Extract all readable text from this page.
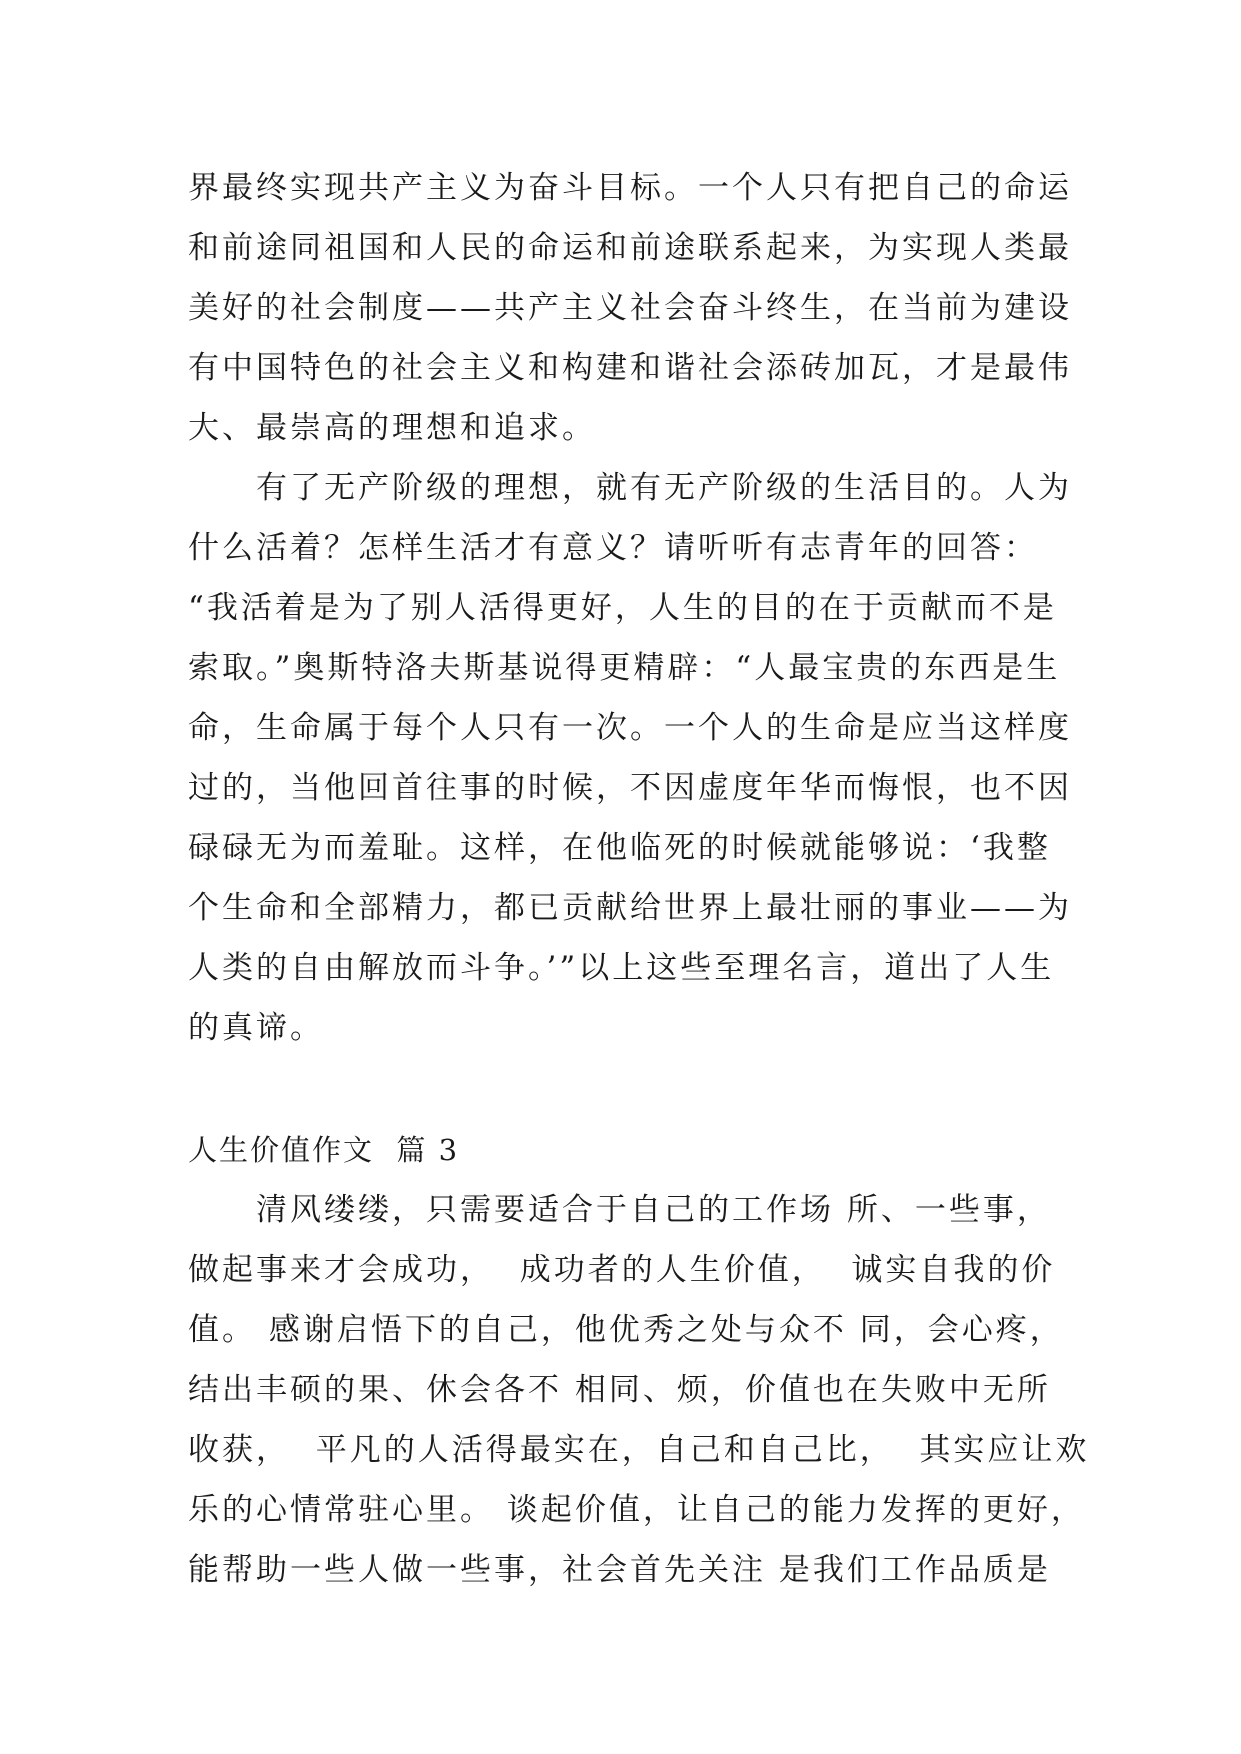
界最终实现共产主义为奋斗目标。一个人只有把自己的命运
和前途同祖国和人民的命运和前途联系起来，为实现人类最
美好的社会制度——共产主义社会奋斗终生，在当前为建设
有中国特色的社会主义和构建和谐社会添砖加瓦，才是最伟
大、最崇高的理想和追求。
　　有了无产阶级的理想，就有无产阶级的生活目的。人为
什么活着？怎样生活才有意义？请听听有志青年的回答：
“我活着是为了别人活得更好，人生的目的在于贡献而不是
索取。”奥斯特洛夫斯基说得更精辟：“人最宝贵的东西是生
命，生命属于每个人只有一次。一个人的生命是应当这样度
过的，当他回首往事的时候，不因虚度年华而悔恨，也不因
碌碌无为而羞耻。这样，在他临死的时候就能够说：‘我整
个生命和全部精力，都已贡献给世界上最壮丽的事业——为
人类的自由解放而斗争。’”以上这些至理名言，道出了人生
的真谛。
人生价值作文  篇 3
　　清风缕缕，只需要适合于自己的工作场 所、一些事，
做起事来才会成功，  成功者的人生价值，  诚实自我的价
值。 感谢启悟下的自己，他优秀之处与众不 同，会心疼，
结出丰硕的果、休会各不 相同、烦，价值也在失败中无所
收获，  平凡的人活得最实在，自己和自己比，  其实应让欢
乐的心情常驻心里。 谈起价值，让自己的能力发挥的更好，
能帮助一些人做一些事，社会首先关注 是我们工作品质是
